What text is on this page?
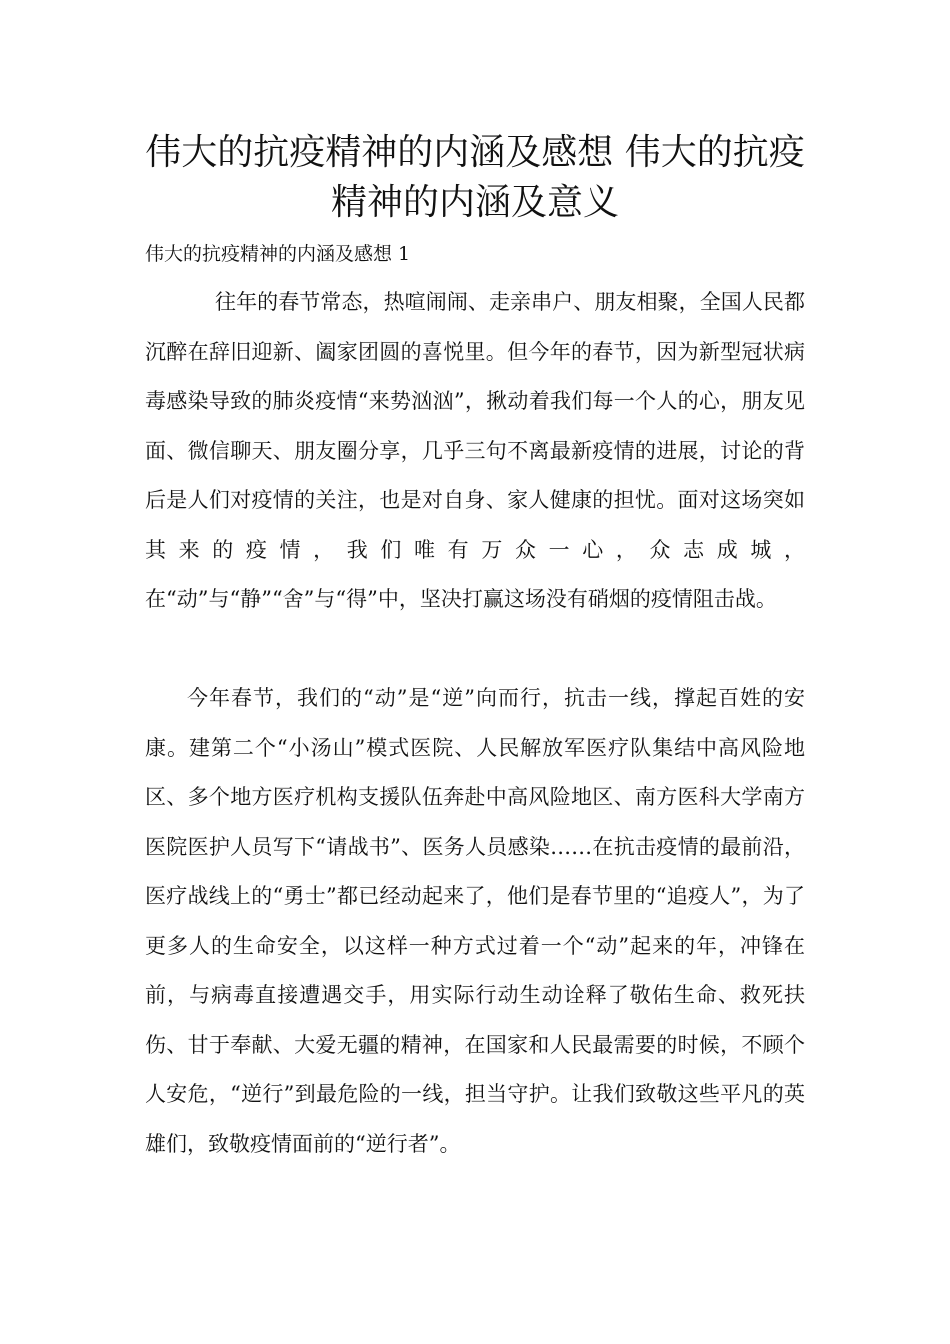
伟大的抗疫精神的内涵及感想 伟大的抗疫精神的内涵及意义

伟大的抗疫精神的内涵及感想 1

往年的春节常态，热喧闹闹、走亲串户、朋友相聚，全国人民都沉醉在辞旧迎新、阖家团圆的喜悦里。但今年的春节，因为新型冠状病毒感染导致的肺炎疫情“来势汹汹”，揪动着我们每一个人的心，朋友见面、微信聊天、朋友圈分享，几乎三句不离最新疫情的进展，讨论的背后是人们对疫情的关注，也是对自身、家人健康的担忧。面对这场突如其来的疫情，我们唯有万众一心，众志成城，在“动”与“静”“舍”与“得”中，坚决打赢这场没有硝烟的疫情阻击战。

今年春节，我们的“动”是“逆”向而行，抗击一线，撑起百姓的安康。建第二个“小汤山”模式医院、人民解放军医疗队集结中高风险地区、多个地方医疗机构支援队伍奔赴中高风险地区、南方医科大学南方医院医护人员写下“请战书”、医务人员感染……在抗击疫情的最前沿，医疗战线上的“勇士”都已经动起来了，他们是春节里的“追疫人”，为了更多人的生命安全，以这样一种方式过着一个“动”起来的年，冲锋在前，与病毒直接遭遇交手，用实际行动生动诠释了敬佑生命、救死扶伤、甘于奉献、大爱无疆的精神，在国家和人民最需要的时候，不顾个人安危，“逆行”到最危险的一线，担当守护。让我们致敬这些平凡的英雄们，致敬疫情面前的“逆行者”。
